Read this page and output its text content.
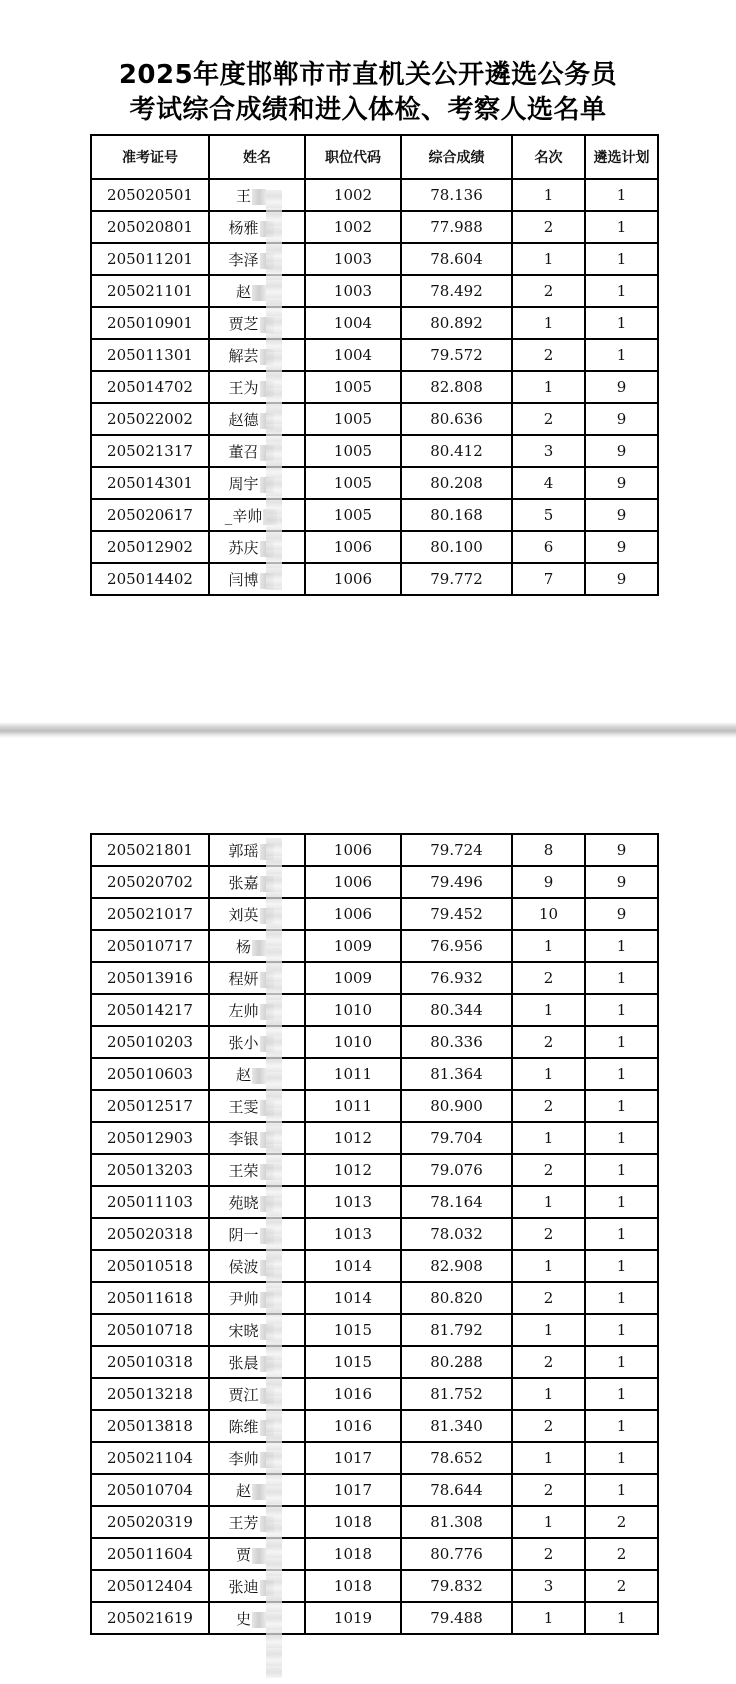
2025年度邯郸市市直机关公开遴选公务员
考试综合成绩和进入体检、考察人选名单
准考证号	姓名	职位代码	综合成绩	名次	遴选计划
205020501	王	1002	78.136	1	1
205020801	杨雅	1002	77.988	2	1
205011201	李泽	1003	78.604	1	1
205021101	赵	1003	78.492	2	1
205010901	贾芝	1004	80.892	1	1
205011301	解芸	1004	79.572	2	1
205014702	王为	1005	82.808	1	9
205022002	赵德	1005	80.636	2	9
205021317	董召	1005	80.412	3	9
205014301	周宇	1005	80.208	4	9
205020617	_辛帅	1005	80.168	5	9
205012902	苏庆	1006	80.100	6	9
205014402	闫博	1006	79.772	7	9
205021801	郭瑶	1006	79.724	8	9
205020702	张嘉	1006	79.496	9	9
205021017	刘英	1006	79.452	10	9
205010717	杨	1009	76.956	1	1
205013916	程妍	1009	76.932	2	1
205014217	左帅	1010	80.344	1	1
205010203	张小	1010	80.336	2	1
205010603	赵	1011	81.364	1	1
205012517	王雯	1011	80.900	2	1
205012903	李银	1012	79.704	1	1
205013203	王荣	1012	79.076	2	1
205011103	苑晓	1013	78.164	1	1
205020318	阴一	1013	78.032	2	1
205010518	侯波	1014	82.908	1	1
205011618	尹帅	1014	80.820	2	1
205010718	宋晓	1015	81.792	1	1
205010318	张晨	1015	80.288	2	1
205013218	贾江	1016	81.752	1	1
205013818	陈维	1016	81.340	2	1
205021104	李帅	1017	78.652	1	1
205010704	赵	1017	78.644	2	1
205020319	王芳	1018	81.308	1	2
205011604	贾	1018	80.776	2	2
205012404	张迪	1018	79.832	3	2
205021619	史	1019	79.488	1	1
